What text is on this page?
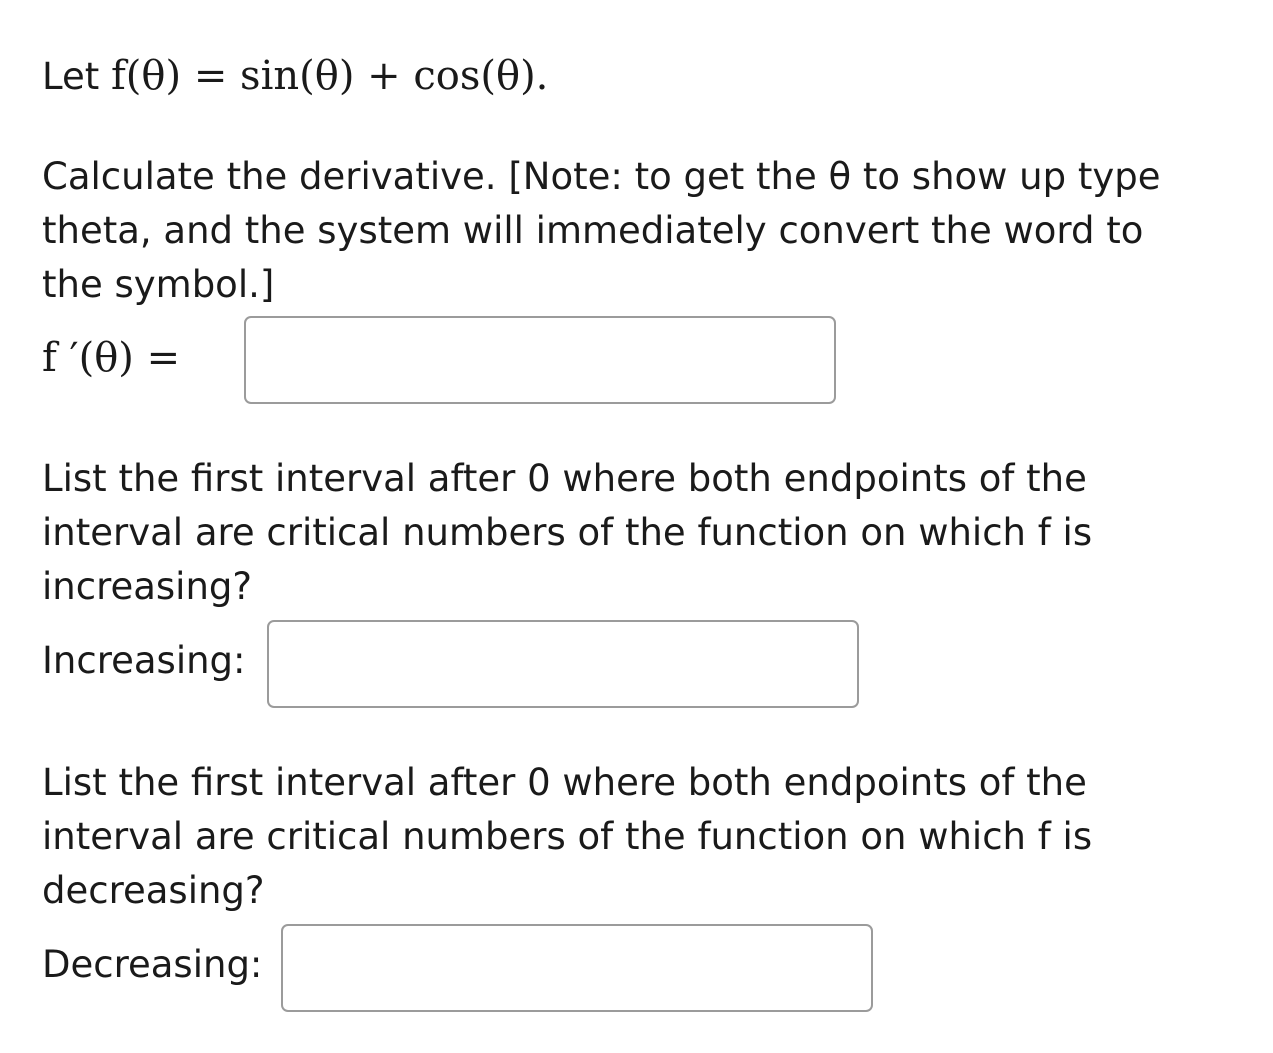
Let f(θ) = sin(θ) + cos(θ).
Calculate the derivative. [Note: to get the θ to show up type
theta, and the system will immediately convert the word to
the symbol.]
f ′(θ) =
List the first interval after 0 where both endpoints of the
interval are critical numbers of the function on which f is
increasing?
Increasing:
List the first interval after 0 where both endpoints of the
interval are critical numbers of the function on which f is
decreasing?
Decreasing:
